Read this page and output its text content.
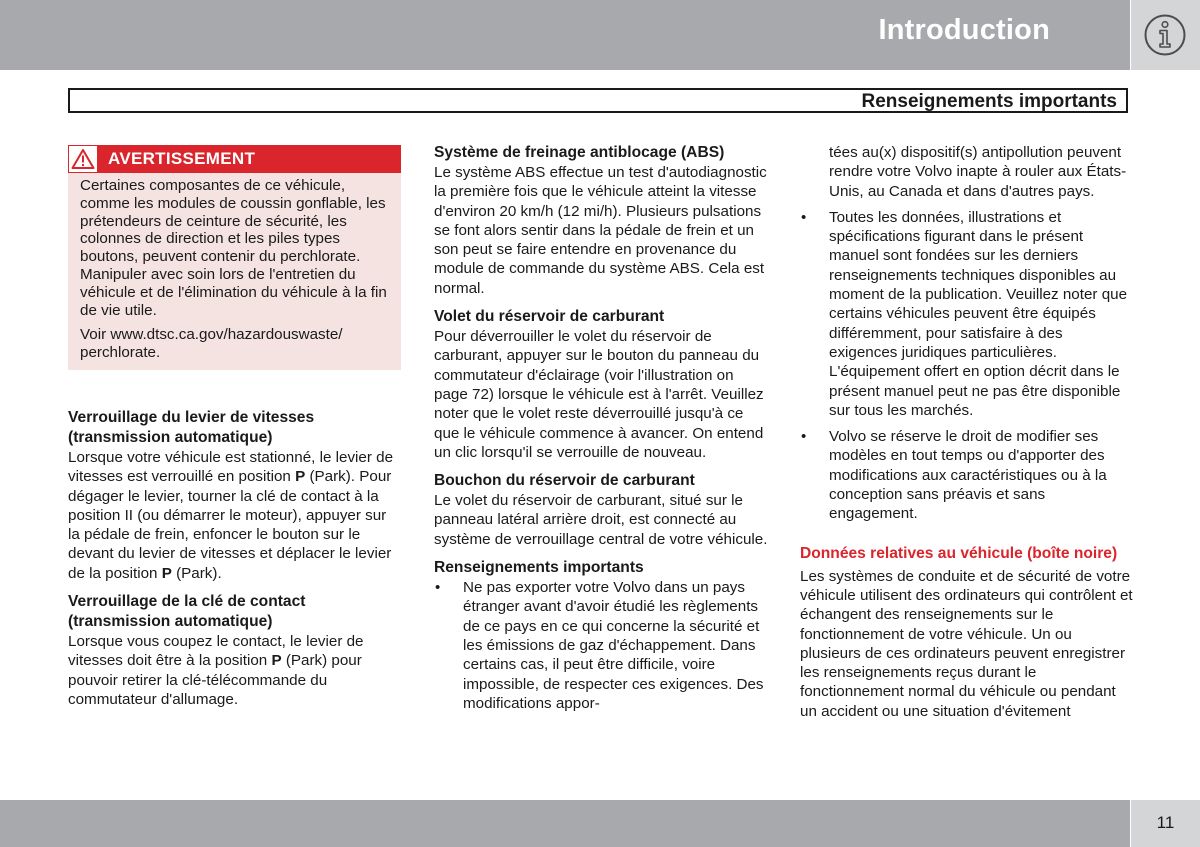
Introduction
Renseignements importants
AVERTISSEMENT

Certaines composantes de ce véhicule, comme les modules de coussin gonflable, les prétendeurs de ceinture de sécurité, les colonnes de direction et les piles types boutons, peuvent contenir du perchlorate. Manipuler avec soin lors de l'entretien du véhicule et de l'élimination du véhicule à la fin de vie utile.

Voir www.dtsc.ca.gov/hazardouswaste/ perchlorate.

Verrouillage du levier de vitesses (transmission automatique)

Lorsque votre véhicule est stationné, le levier de vitesses est verrouillé en position P (Park). Pour dégager le levier, tourner la clé de contact à la position II (ou démarrer le moteur), appuyer sur la pédale de frein, enfoncer le bouton sur le devant du levier de vitesses et déplacer le levier de la position P (Park).

Verrouillage de la clé de contact (transmission automatique)

Lorsque vous coupez le contact, le levier de vitesses doit être à la position P (Park) pour pouvoir retirer la clé-télécommande du commutateur d'allumage.

Système de freinage antiblocage (ABS)

Le système ABS effectue un test d'autodiagnostic la première fois que le véhicule atteint la vitesse d'environ 20 km/h (12 mi/h). Plusieurs pulsations se font alors sentir dans la pédale de frein et un son peut se faire entendre en provenance du module de commande du système ABS. Cela est normal.

Volet du réservoir de carburant

Pour déverrouiller le volet du réservoir de carburant, appuyer sur le bouton du panneau du commutateur d'éclairage (voir l'illustration on page 72) lorsque le véhicule est à l'arrêt. Veuillez noter que le volet reste déverrouillé jusqu'à ce que le véhicule commence à avancer. On entend un clic lorsqu'il se verrouille de nouveau.

Bouchon du réservoir de carburant

Le volet du réservoir de carburant, situé sur le panneau latéral arrière droit, est connecté au système de verrouillage central de votre véhicule.

Renseignements importants
• Ne pas exporter votre Volvo dans un pays étranger avant d'avoir étudié les règlements de ce pays en ce qui concerne la sécurité et les émissions de gaz d'échappement. Dans certains cas, il peut être difficile, voire impossible, de respecter ces exigences. Des modifications appor-

tées au(x) dispositif(s) antipollution peuvent rendre votre Volvo inapte à rouler aux États-Unis, au Canada et dans d'autres pays.

• Toutes les données, illustrations et spécifications figurant dans le présent manuel sont fondées sur les derniers renseignements techniques disponibles au moment de la publication. Veuillez noter que certains véhicules peuvent être équipés différemment, pour satisfaire à des exigences juridiques particulières. L'équipement offert en option décrit dans le présent manuel peut ne pas être disponible sur tous les marchés.
• Volvo se réserve le droit de modifier ses modèles en tout temps ou d'apporter des modifications aux caractéristiques ou à la conception sans préavis et sans engagement.
Données relatives au véhicule (boîte noire)

Les systèmes de conduite et de sécurité de votre véhicule utilisent des ordinateurs qui contrôlent et échangent des renseignements sur le fonctionnement de votre véhicule. Un ou plusieurs de ces ordinateurs peuvent enregistrer les renseignements reçus durant le fonctionnement normal du véhicule ou pendant un accident ou une situation d'évitement

11
